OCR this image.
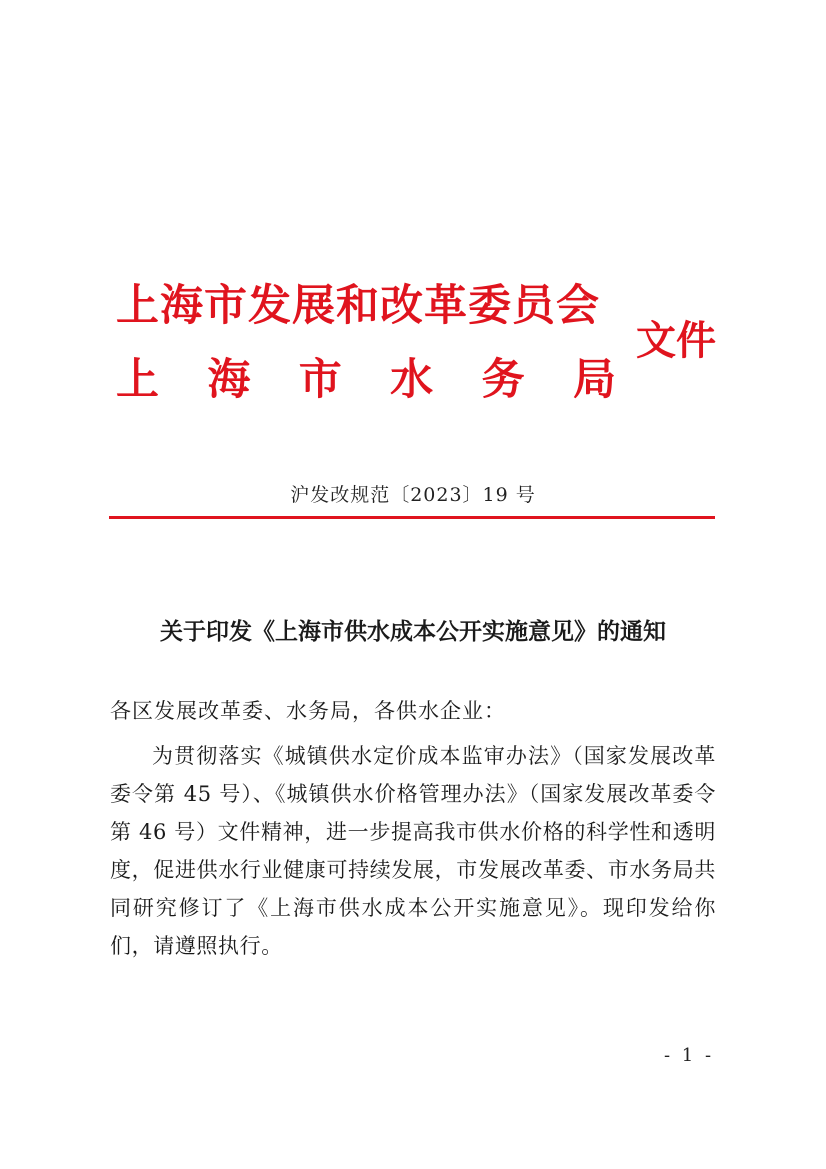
上海市发展和改革委员会
上 海 市 水 务 局
文件
沪发改规范〔2023〕19 号
关于印发《上海市供水成本公开实施意见》的通知
各区发展改革委、水务局，各供水企业：
为贯彻落实《城镇供水定价成本监审办法》（国家发展改革委令第 45 号）、《城镇供水价格管理办法》（国家发展改革委令第 46 号）文件精神，进一步提高我市供水价格的科学性和透明度，促进供水行业健康可持续发展，市发展改革委、市水务局共同研究修订了《上海市供水成本公开实施意见》。现印发给你们，请遵照执行。
- 1 -
